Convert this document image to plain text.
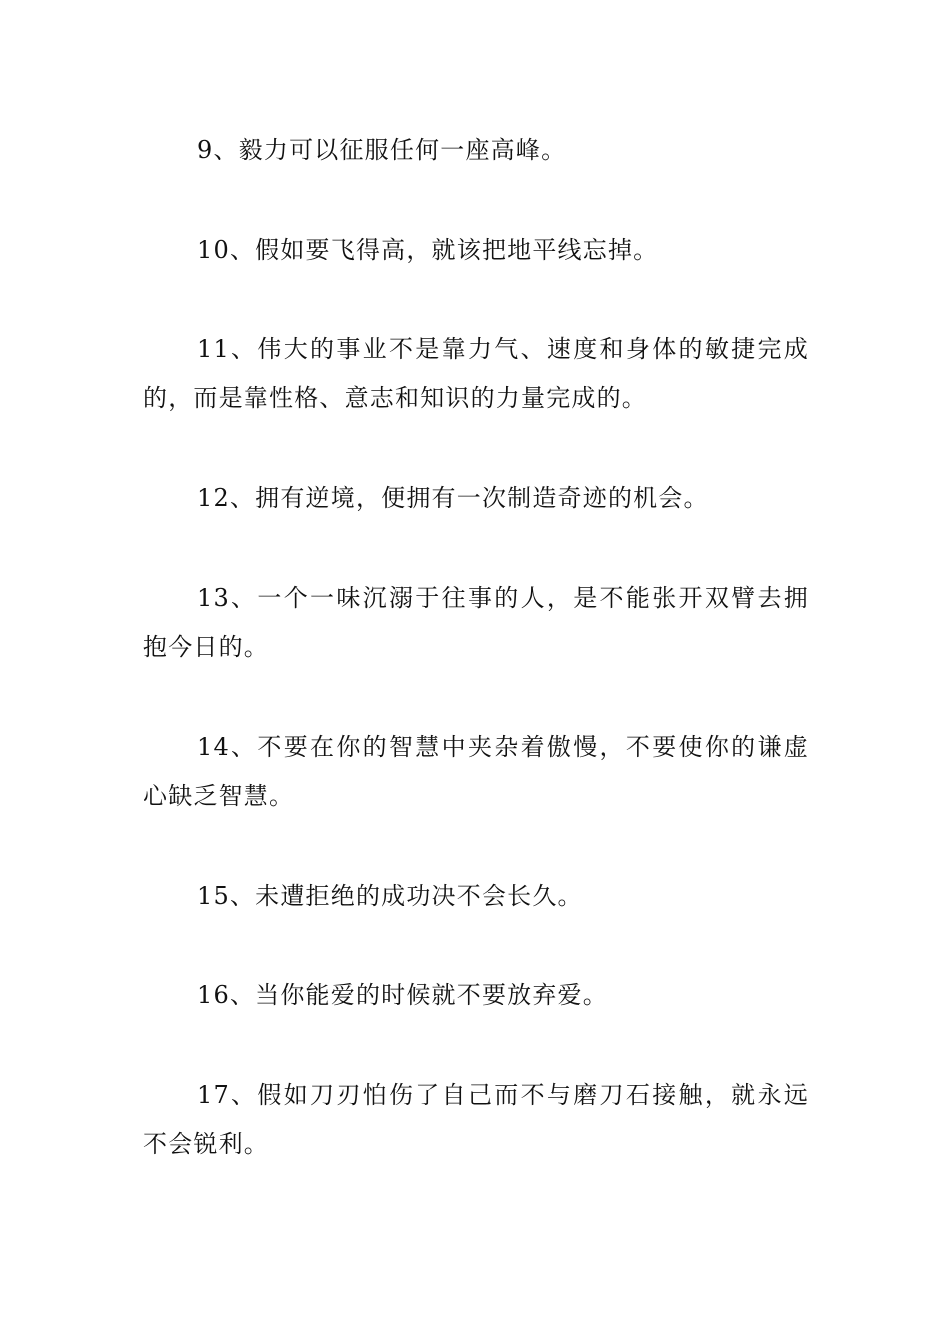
9、毅力可以征服任何一座高峰。

10、假如要飞得高，就该把地平线忘掉。

11、伟大的事业不是靠力气、速度和身体的敏捷完成的，而是靠性格、意志和知识的力量完成的。

12、拥有逆境，便拥有一次制造奇迹的机会。

13、一个一味沉溺于往事的人，是不能张开双臂去拥抱今日的。

14、不要在你的智慧中夹杂着傲慢，不要使你的谦虚心缺乏智慧。

15、未遭拒绝的成功决不会长久。

16、当你能爱的时候就不要放弃爱。

17、假如刀刃怕伤了自己而不与磨刀石接触，就永远不会锐利。
